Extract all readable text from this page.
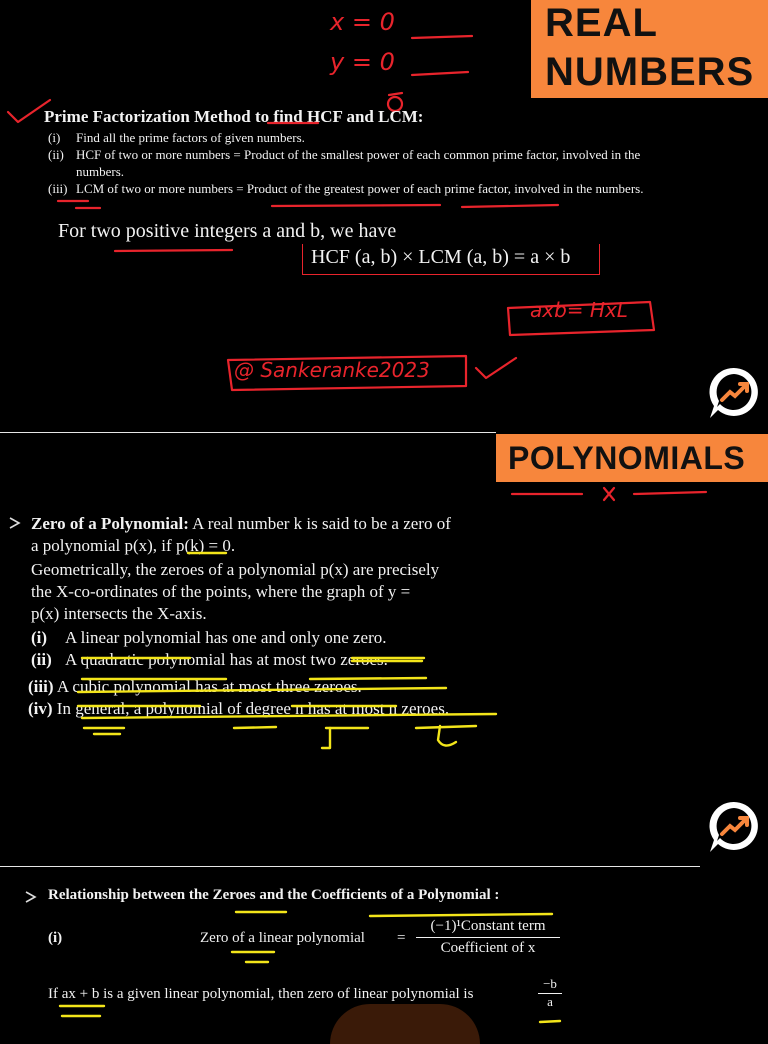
REAL
NUMBERS
x = 0
y = 0
Prime Factorization Method to find HCF and LCM:
(i) Find all the prime factors of given numbers.
(ii) HCF of two or more numbers = Product of the smallest power of each common prime factor, involved in the
numbers.
(iii) LCM of two or more numbers = Product of the greatest power of each prime factor, involved in the numbers.
For two positive integers a and b, we have
HCF (a, b) × LCM (a, b) = a × b
axb= HxL
@ Sankeranke2023
POLYNOMIALS
Zero of a Polynomial: A real number k is said to be a zero of
a polynomial p(x), if p(k) = 0.
Geometrically, the zeroes of a polynomial p(x) are precisely
the X-co-ordinates of the points, where the graph of y =
p(x) intersects the X-axis.
(i) A linear polynomial has one and only one zero.
(ii) A quadratic polynomial has at most two zeroes.
(iii) A cubic polynomial has at most three zeroes.
(iv) In general, a polynomial of degree n has at most n zeroes.
Relationship between the Zeroes and the Coefficients of a Polynomial :
(i)	Zero of a linear polynomial =
(−1)¹Constant term
Coefficient of x
If ax + b is a given linear polynomial, then zero of linear polynomial is	$\frac{-b}{a}$
